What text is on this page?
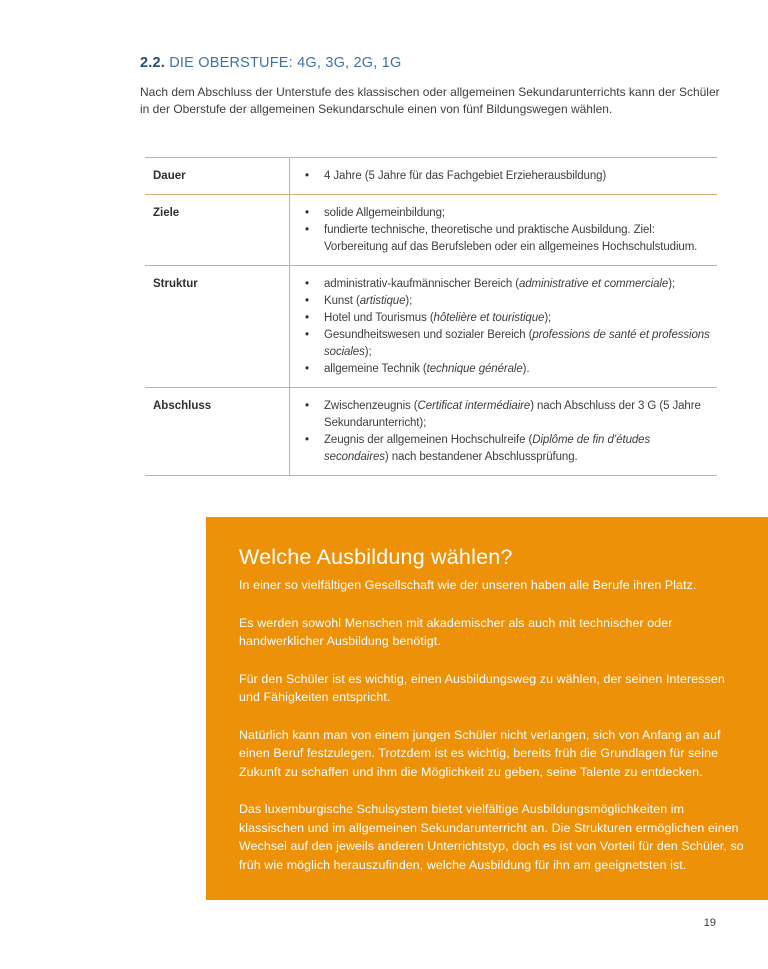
2.2. DIE OBERSTUFE: 4G, 3G, 2G, 1G

Nach dem Abschluss der Unterstufe des klassischen oder allgemeinen Sekundarunterrichts kann der Schüler in der Oberstufe der allgemeinen Sekundarschule einen von fünf Bildungswegen wählen.

Dauer	• 4 Jahre (5 Jahre für das Fachgebiet Erzieherausbildung)
Ziele	• solide Allgemeinbildung;
• fundierte technische, theoretische und praktische Ausbildung. Ziel: Vorbereitung auf das Berufsleben oder ein allgemeines Hochschulstudium.
Struktur	• administrativ-kaufmännischer Bereich (administrative et commerciale);
• Kunst (artistique);
• Hotel und Tourismus (hôtelière et touristique);
• Gesundheitswesen und sozialer Bereich (professions de santé et professions sociales);
• allgemeine Technik (technique générale).
Abschluss	• Zwischenzeugnis (Certificat intermédiaire) nach Abschluss der 3 G (5 Jahre Sekundarunterricht);
• Zeugnis der allgemeinen Hochschulreife (Diplôme de fin d’études secondaires) nach bestandener Abschlussprüfung.
Welche Ausbildung wählen?

In einer so vielfältigen Gesellschaft wie der unseren haben alle Berufe ihren Platz.

Es werden sowohl Menschen mit akademischer als auch mit technischer oder handwerklicher Ausbildung benötigt.

Für den Schüler ist es wichtig, einen Ausbildungsweg zu wählen, der seinen Interessen und Fähigkeiten entspricht.

Natürlich kann man von einem jungen Schüler nicht verlangen, sich von Anfang an auf einen Beruf festzulegen. Trotzdem ist es wichtig, bereits früh die Grundlagen für seine Zukunft zu schaffen und ihm die Möglichkeit zu geben, seine Talente zu entdecken.

Das luxemburgische Schulsystem bietet vielfältige Ausbildungsmöglichkeiten im klassischen und im allgemeinen Sekundarunterricht an. Die Strukturen ermöglichen einen Wechsel auf den jeweils anderen Unterrichtstyp, doch es ist von Vorteil für den Schüler, so früh wie möglich herauszufinden, welche Ausbildung für ihn am geeignetsten ist.

19
